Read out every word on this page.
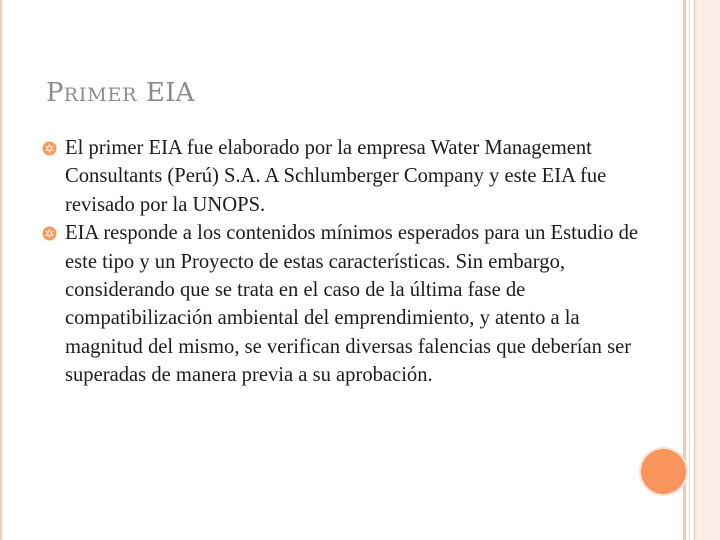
PRIMER EIA
El primer EIA fue elaborado por la empresa Water Management Consultants (Perú) S.A. A Schlumberger Company y este EIA fue revisado por la UNOPS.
EIA responde a los contenidos mínimos esperados para un Estudio de este tipo y un Proyecto de estas características. Sin embargo, considerando que se trata en el caso de la última fase de compatibilización ambiental del emprendimiento, y atento a la magnitud del mismo, se verifican diversas falencias que deberían ser superadas de manera previa a su aprobación.
